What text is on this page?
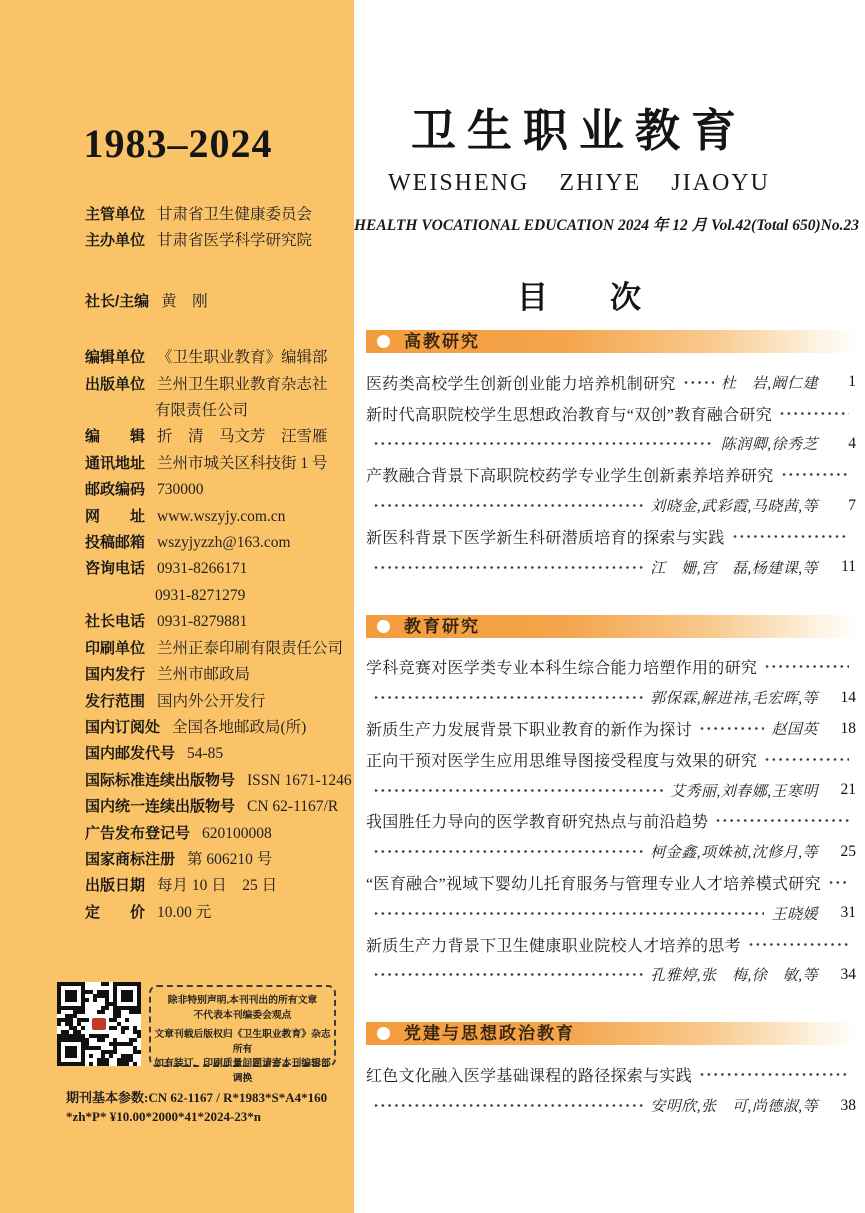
1983–2024
主管单位 甘肃省卫生健康委员会
主办单位 甘肃省医学科学研究院
社长/主编 黄　刚
编辑单位 《卫生职业教育》编辑部
出版单位 兰州卫生职业教育杂志社
有限责任公司
编　　辑 折　清　马文芳　汪雪雁
通讯地址 兰州市城关区科技街 1 号
邮政编码 730000
网　　址 www.wszyjy.com.cn
投稿邮箱 wszyjyzzh@163.com
咨询电话 0931-8266171
0931-8271279
社长电话 0931-8279881
印刷单位 兰州正泰印刷有限责任公司
国内发行 兰州市邮政局
发行范围 国内外公开发行
国内订阅处 全国各地邮政局(所)
国内邮发代号 54-85
国际标准连续出版物号 ISSN 1671-1246
国内统一连续出版物号 CN 62-1167/R
广告发布登记号 620100008
国家商标注册 第 606210 号
出版日期 每月 10 日　25 日
定　　价 10.00 元
除非特别声明,本刊刊出的所有文章
不代表本刊编委会观点
文章刊载后版权归《卫生职业教育》杂志所有
如有装订、印刷质量问题请寄本刊编辑部调换
期刊基本参数:CN 62-1167 / R*1983*S*A4*160
*zh*P* ¥10.00*2000*41*2024-23*n
卫生职业教育
WEISHENG ZHIYE JIAOYU
HEALTH VOCATIONAL EDUCATION 2024 年 12 月 Vol.42(Total 650)No.23
目　　次
高教研究
医药类高校学生创新创业能力培养机制研究	杜　岩,阚仁建	1
新时代高职院校学生思想政治教育与“双创”教育融合研究
陈润卿,徐秀芝	4
产教融合背景下高职院校药学专业学生创新素养培养研究
刘晓金,武彩霞,马晓茜,等	7
新医科背景下医学新生科研潜质培育的探索与实践
江　姗,宫　磊,杨建课,等	11
教育研究
学科竞赛对医学类专业本科生综合能力培塑作用的研究
郭保霖,解进祎,毛宏晖,等	14
新质生产力发展背景下职业教育的新作为探讨	赵国英	18
正向干预对医学生应用思维导图接受程度与效果的研究
艾秀丽,刘春娜,王寒明	21
我国胜任力导向的医学教育研究热点与前沿趋势
柯金鑫,项姝祯,沈修月,等	25
“医育融合”视域下婴幼儿托育服务与管理专业人才培养模式研究
王晓媛	31
新质生产力背景下卫生健康职业院校人才培养的思考
孔雅婷,张　梅,徐　敏,等	34
党建与思想政治教育
红色文化融入医学基础课程的路径探索与实践
安明欣,张　可,尚德淑,等	38
